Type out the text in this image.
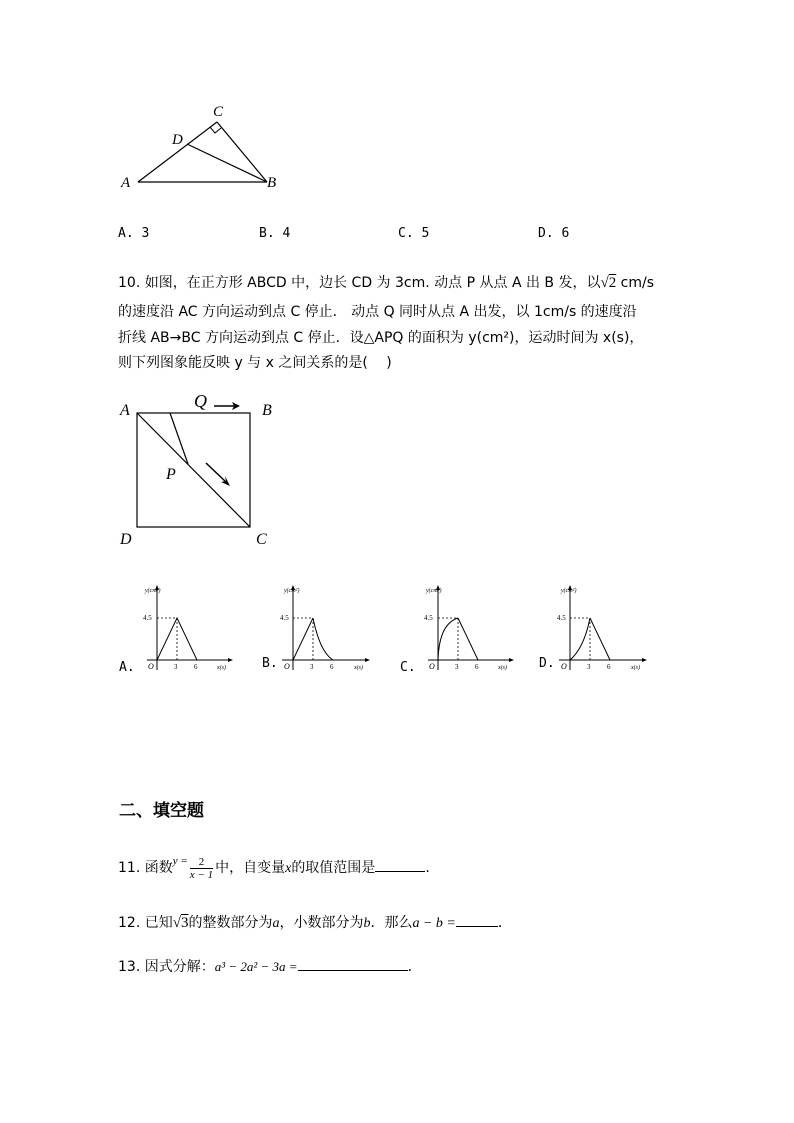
C
D
A	B
A. 3	B. 4	C. 5	D. 6
10. 如图，在正方形 ABCD 中，边长 CD 为 3cm. 动点 P 从点 A 出 B 发，以√2 cm/s
的速度沿 AC 方向运动到点 C 停止． 动点 Q 同时从点 A 出发，以 1cm/s 的速度沿
折线 AB→BC 方向运动到点 C 停止．设△APQ 的面积为 y(cm²)，运动时间为 x(s)，
则下列图象能反映 y 与 x 之间关系的是(　 )
A	B
C
D
P
Q
A.
y(cm²)
4.5
O	3 6	x(s)	B.
y(cm²)
4.5
O	3 6	x(s)	C.
y(cm²)
4.5
O	3 6	x(s) D.
y(cm²)
4.5
O	3 6	x(s)
二、填空题
11. 函数$^{y =} \frac{2}{x - 1}$ 中，自变量x的取值范围是	.
12. 已知√3的整数部分为a，小数部分为b．那么a − b =	．
13. 因式分解：a³ − 2a² − 3a =	．
